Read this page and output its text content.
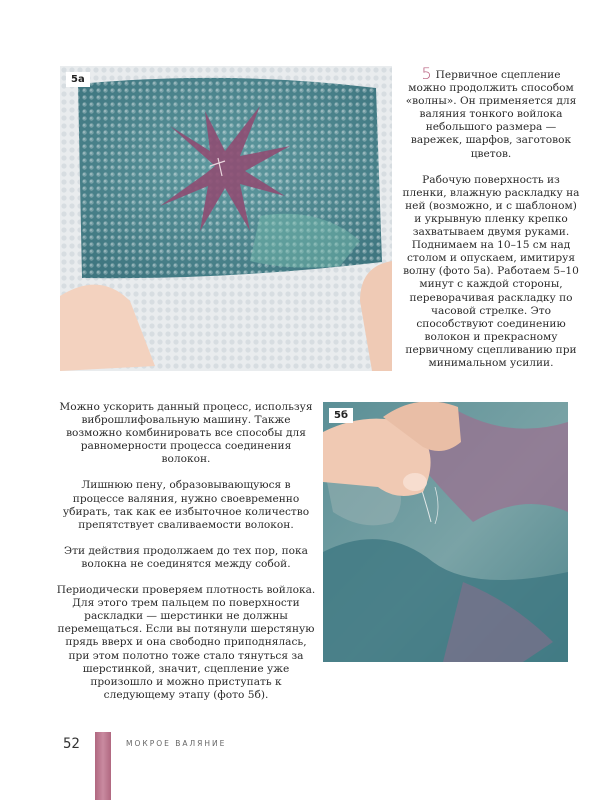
5а	5 Первичное сцепление можно продолжить способом «волны». Он применяется для валяния тонкого войлока небольшого размера — варежек, шарфов, заготовок цветов.

Рабочую поверхность из пленки, влажную раскладку на ней (возможно, и с шаблоном) и укрывную пленку крепко захватываем двумя руками. Поднимаем на 10–15 см над столом и опускаем, имитируя волну (фото 5а). Работаем 5–10 минут с каждой стороны, переворачивая раскладку по часовой стрелке. Это способствуют соединению волокон и прекрасному первичному сцепливанию при минимальном усилии.

Можно ускорить данный процесс, используя виброшлифовальную машину. Также возможно комбинировать все способы для равномерности процесса соединения волокон.

Лишнюю пену, образовывающуюся в процессе валяния, нужно своевременно убирать, так как ее избыточное количество препятствует сваливаемости волокон.

Эти действия продолжаем до тех пор, пока волокна не соединятся между собой.

Периодически проверяем плотность войлока. Для этого трем пальцем по поверхности раскладки — шерстинки не должны перемещаться. Если вы потянули шерстяную прядь вверх и она свободно приподнялась, при этом полотно тоже стало тянуться за шерстинкой, значит, сцепление уже произошло и можно приступать к следующему этапу (фото 5б).

5б
52	МОКРОЕ ВАЛЯНИЕ
